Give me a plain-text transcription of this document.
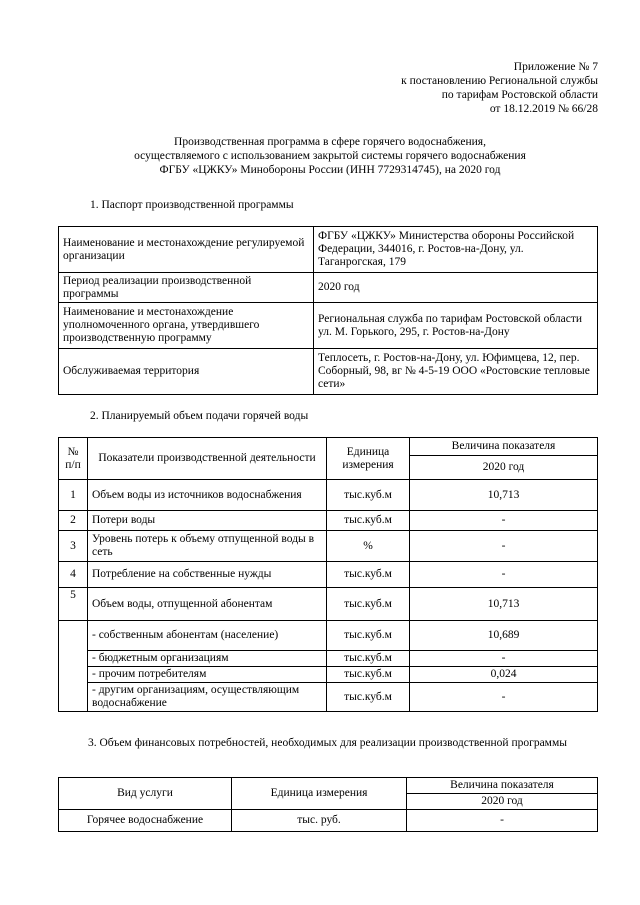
Приложение № 7
к постановлению Региональной службы
по тарифам Ростовской области
от 18.12.2019 № 66/28
Производственная программа в сфере горячего водоснабжения,
осуществляемого с использованием закрытой системы горячего водоснабжения
ФГБУ «ЦЖКУ» Минобороны России (ИНН 7729314745), на 2020 год
1. Паспорт производственной программы
Наименование и местонахождение регулируемой организации	ФГБУ «ЦЖКУ» Министерства обороны Российской Федерации, 344016, г. Ростов-на-Дону, ул. Таганрогская, 179
Период реализации производственной программы	2020 год
Наименование и местонахождение уполномоченного органа, утвердившего производственную программу	Региональная служба по тарифам Ростовской области ул. М. Горького, 295, г. Ростов-на-Дону
Обслуживаемая территория	Теплосеть, г. Ростов-на-Дону, ул. Юфимцева, 12, пер. Соборный, 98, вг № 4-5-19 ООО «Ростовские тепловые сети»
2. Планируемый объем подачи горячей воды
№ п/п	Показатели производственной деятельности	Единица измерения	Величина показателя
			2020 год
1	Объем воды из источников водоснабжения	тыс.куб.м	10,713
2	Потери воды	тыс.куб.м	-
3	Уровень потерь к объему отпущенной воды в сеть	%	-
4	Потребление на собственные нужды	тыс.куб.м	-
5	Объем воды, отпущенной абонентам	тыс.куб.м	10,713
	- собственным абонентам (население)	тыс.куб.м	10,689
	- бюджетным организациям	тыс.куб.м	-
	- прочим потребителям	тыс.куб.м	0,024
	- другим организациям, осуществляющим водоснабжение	тыс.куб.м	-
3. Объем финансовых потребностей, необходимых для реализации производственной программы
Вид услуги	Единица измерения	Величина показателя
		2020 год
Горячее водоснабжение	тыс. руб.	-
